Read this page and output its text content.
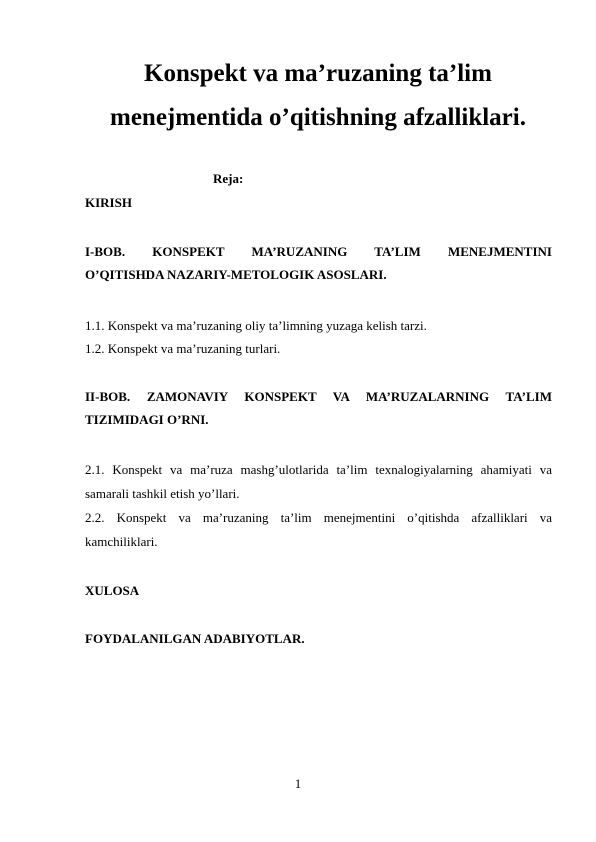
Konspekt va ma’ruzaning ta’lim
menejmentida o’qitishning afzalliklari.
Reja:
KIRISH
I-BOB. KONSPEKT MA’RUZANING TA’LIM MENEJMENTINI
O’QITISHDA NAZARIY-METOLOGIK ASOSLARI.
1.1. Konspekt va ma’ruzaning oliy ta’limning yuzaga kelish tarzi.
1.2. Konspekt va ma’ruzaning turlari.
II-BOB. ZAMONAVIY KONSPEKT VA MA’RUZALARNING TA’LIM
TIZIMIDAGI O’RNI.
2.1. Konspekt va ma’ruza mashg’ulotlarida ta’lim texnalogiyalarning ahamiyati va
samarali tashkil etish yo’llari.
2.2. Konspekt va ma’ruzaning ta’lim menejmentini o’qitishda afzalliklari va
kamchiliklari.
XULOSA
FOYDALANILGAN ADABIYOTLAR.
1
